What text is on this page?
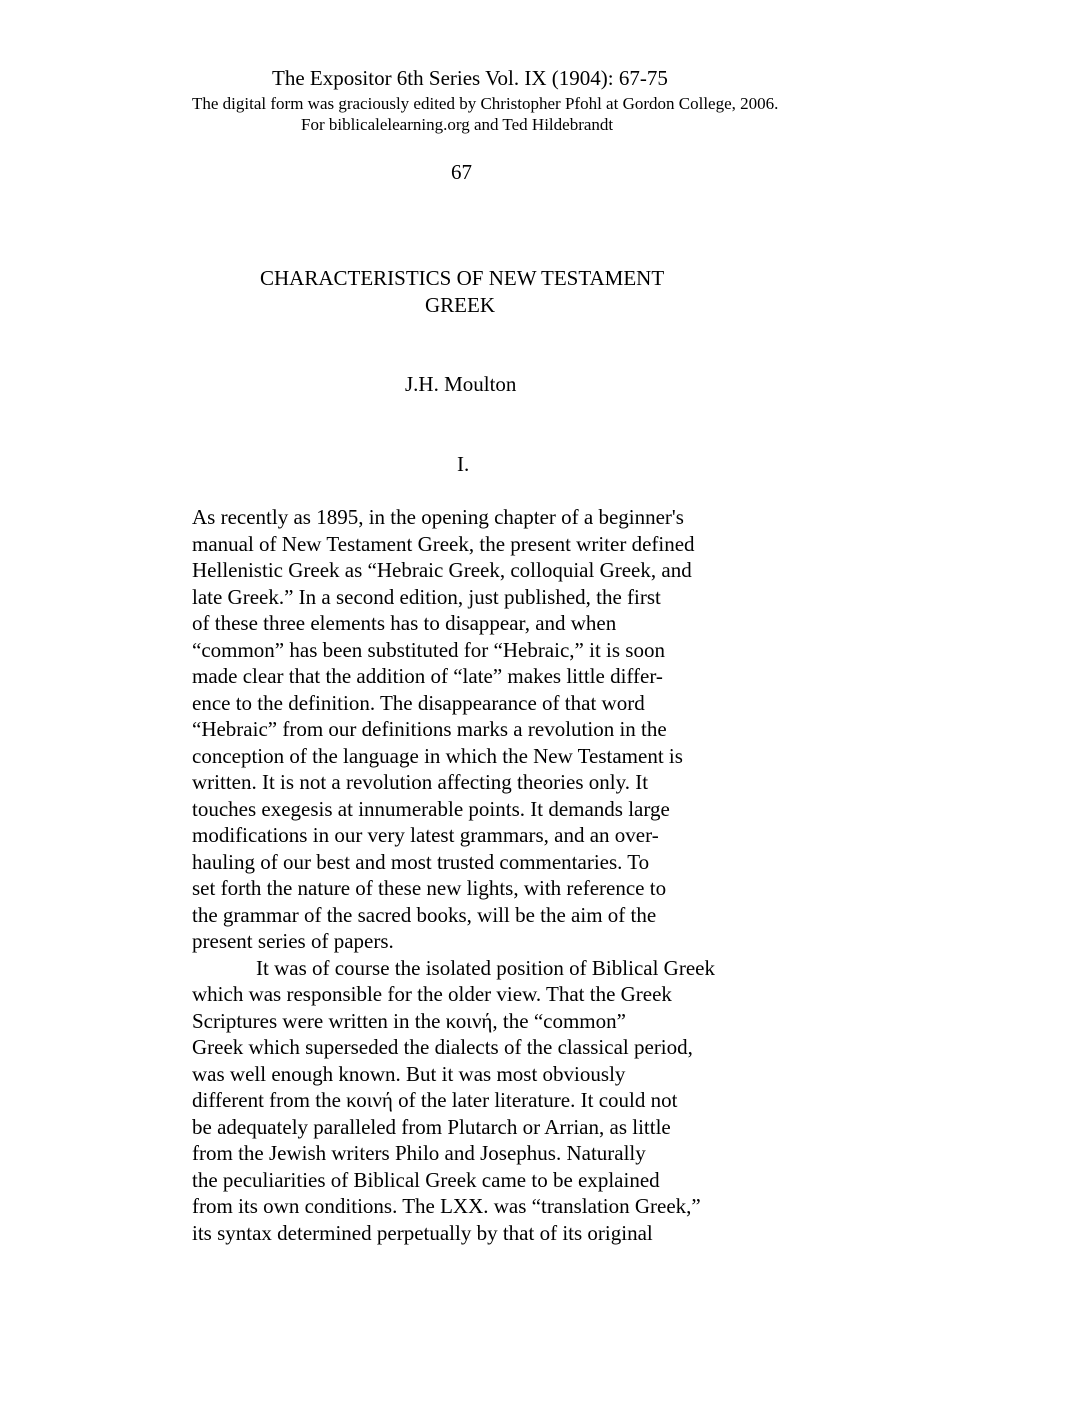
The Expositor 6th Series Vol. IX (1904): 67-75

The digital form was graciously edited by Christopher Pfohl at Gordon College, 2006.

For biblicalelearning.org and Ted Hildebrandt

67

CHARACTERISTICS OF NEW TESTAMENT

GREEK

J.H. Moulton

I.

As recently as 1895, in the opening chapter of a beginner's
manual of New Testament Greek, the present writer defined
Hellenistic Greek as “Hebraic Greek, colloquial Greek, and
late Greek.” In a second edition, just published, the first
of these three elements has to disappear, and when
“common” has been substituted for “Hebraic,” it is soon
made clear that the addition of “late” makes little differ-
ence to the definition. The disappearance of that word
“Hebraic” from our definitions marks a revolution in the
conception of the language in which the New Testament is
written. It is not a revolution affecting theories only. It
touches exegesis at innumerable points. It demands large
modifications in our very latest grammars, and an over-
hauling of our best and most trusted commentaries. To
set forth the nature of these new lights, with reference to
the grammar of the sacred books, will be the aim of the
present series of papers.
It was of course the isolated position of Biblical Greek
which was responsible for the older view. That the Greek
Scriptures were written in the κοινή, the “common”
Greek which superseded the dialects of the classical period,
was well enough known. But it was most obviously
different from the κοινή of the later literature. It could not
be adequately paralleled from Plutarch or Arrian, as little
from the Jewish writers Philo and Josephus. Naturally
the peculiarities of Biblical Greek came to be explained
from its own conditions. The LXX. was “translation Greek,”
its syntax determined perpetually by that of its original
